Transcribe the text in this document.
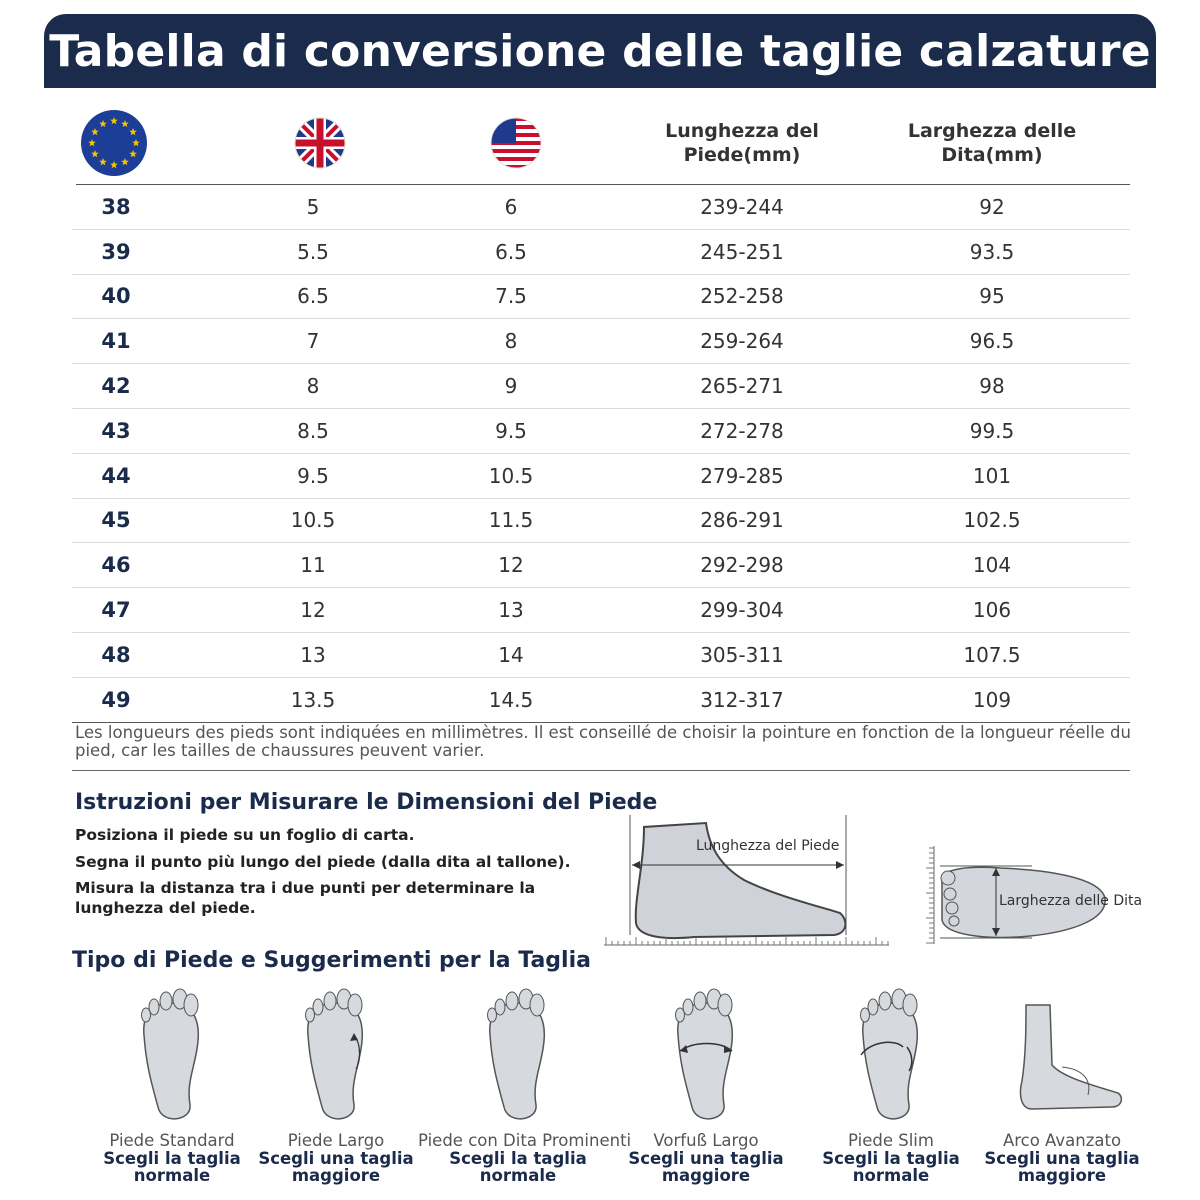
Tabella di conversione delle taglie calzature
Lunghezza del
Piede(mm)
Larghezza delle
Dita(mm)
38	5	6	239-244	92
39	5.5	6.5	245-251	93.5
40	6.5	7.5	252-258	95
41	7	8	259-264	96.5
42	8	9	265-271	98
43	8.5	9.5	272-278	99.5
44	9.5	10.5	279-285	101
45	10.5	11.5	286-291	102.5
46	11	12	292-298	104
47	12	13	299-304	106
48	13	14	305-311	107.5
49	13.5	14.5	312-317	109
Les longueurs des pieds sont indiquées en millimètres. Il est conseillé de choisir la pointure en fonction de la longueur réelle du pied, car les tailles de chaussures peuvent varier.
Istruzioni per Misurare le Dimensioni del Piede
Posiziona il piede su un foglio di carta.
Segna il punto più lungo del piede (dalla dita al tallone).
Misura la distanza tra i due punti per determinare la lunghezza del piede.
Lunghezza del Piede
Larghezza delle Dita
Tipo di Piede e Suggerimenti per la Taglia
Piede Standard
Scegli la taglia
normale
Piede Largo
Scegli una taglia
maggiore
Piede con Dita Prominenti
Scegli la taglia
normale
Vorfuß Largo
Scegli una taglia
maggiore
Piede Slim
Scegli la taglia
normale
Arco Avanzato
Scegli una taglia
maggiore
